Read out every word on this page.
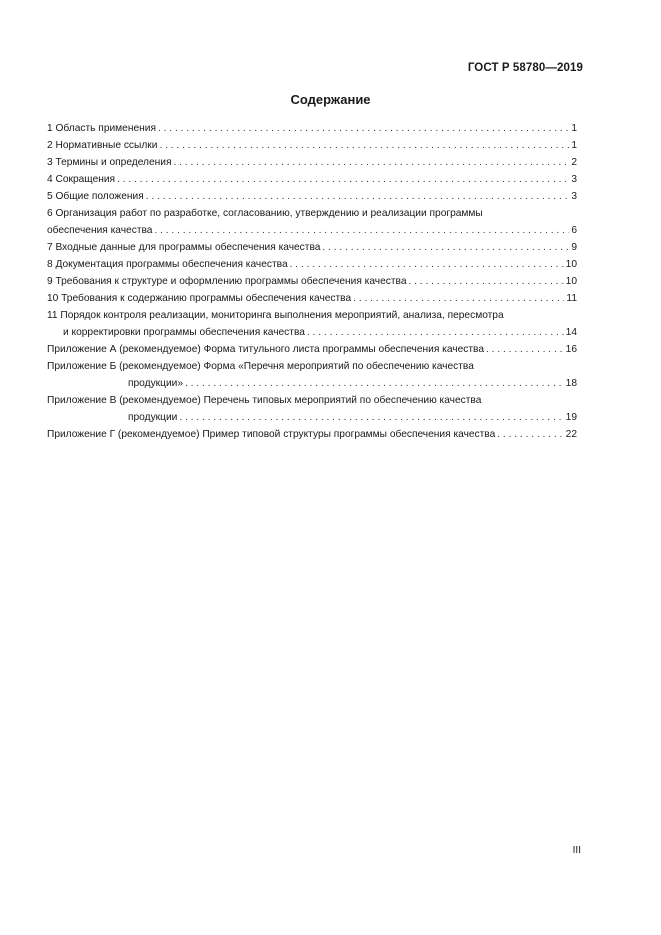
ГОСТ Р 58780—2019
Содержание
1 Область применения . . .	1
2 Нормативные ссылки . . .	1
3 Термины и определения . . .	2
4 Сокращения . . .	3
5 Общие положения . . .	3
6 Организация работ по разработке, согласованию, утверждению и реализации программы
обеспечения качества . . .	6
7 Входные данные для программы обеспечения качества . . .	9
8 Документация программы обеспечения качества . . .	10
9 Требования к структуре и оформлению программы обеспечения качества . . .	10
10 Требования к содержанию программы обеспечения качества . . .	11
11 Порядок контроля реализации, мониторинга выполнения мероприятий, анализа, пересмотра
и корректировки программы обеспечения качества . . .	14
Приложение А (рекомендуемое) Форма титульного листа программы обеспечения качества . . .	16
Приложение Б (рекомендуемое) Форма «Перечня мероприятий по обеспечению качества
продукции» . . .	18
Приложение В (рекомендуемое) Перечень типовых мероприятий по обеспечению качества
продукции . . .	19
Приложение Г (рекомендуемое) Пример типовой структуры программы обеспечения качества . . .	22
III
